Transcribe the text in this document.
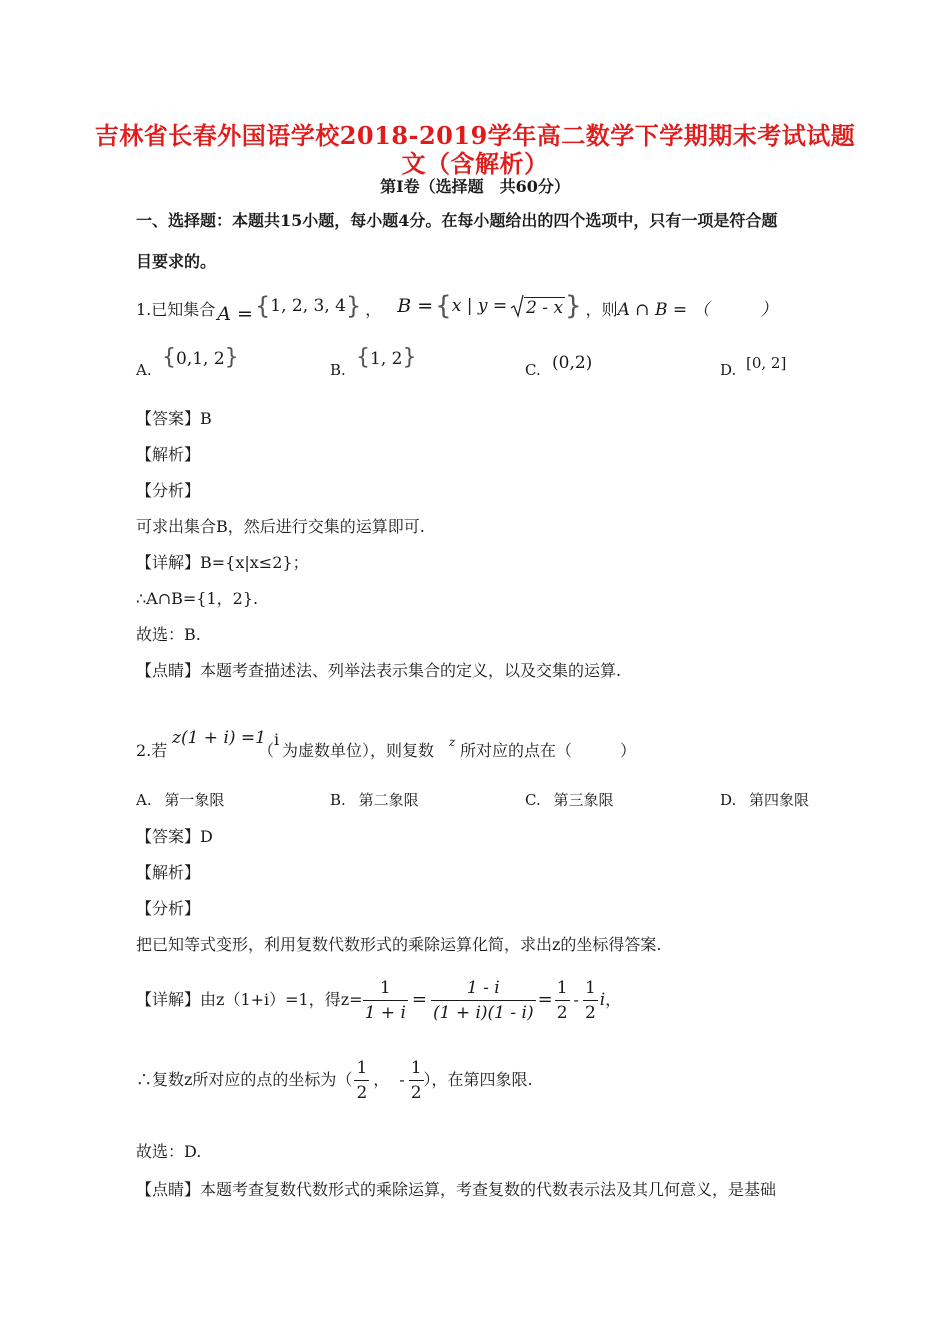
吉林省长春外国语学校2018-2019学年高二数学下学期期末考试试题
文（含解析）
第Ⅰ卷（选择题　共60分）
一、选择题：本题共15小题，每小题4分。在每小题给出的四个选项中，只有一项是符合题
目要求的。
1.已知集合 A = { 1, 2, 3, 4 } ， B = { x | y = 2 - x } ，则 A ∩ B = （　　　）
A. {0,1, 2}	B. {1, 2}	C. (0,2)	D. [0, 2]
【答案】B
【解析】
【分析】
可求出集合B，然后进行交集的运算即可.
【详解】B={x|x≤2}；
∴A∩B={1，2}.
故选：B.
【点睛】本题考查描述法、列举法表示集合的定义，以及交集的运算.
2.若
z(1 + i) =1
（
i
为虚数单位），则复数 z 所对应的点在（　　　）
A. 第一象限	B. 第二象限	C. 第三象限	D. 第四象限
【答案】D
【解析】
【分析】
把已知等式变形，利用复数代数形式的乘除运算化简，求出z的坐标得答案.
【详解】 由z（1+i）=1，得$z= \frac{1}{1 + i} = \frac{1 - i}{(1 + i)(1 - i)} = \frac{1}{2} - \frac{1}{2}$ i ，
∴复数z所对应的点的坐标为（ $\frac{1}{2}$ ， - $\frac{1}{2}$ ），在第四象限.
故选：D.
【点睛】本题考查复数代数形式的乘除运算，考查复数的代数表示法及其几何意义，是基础
